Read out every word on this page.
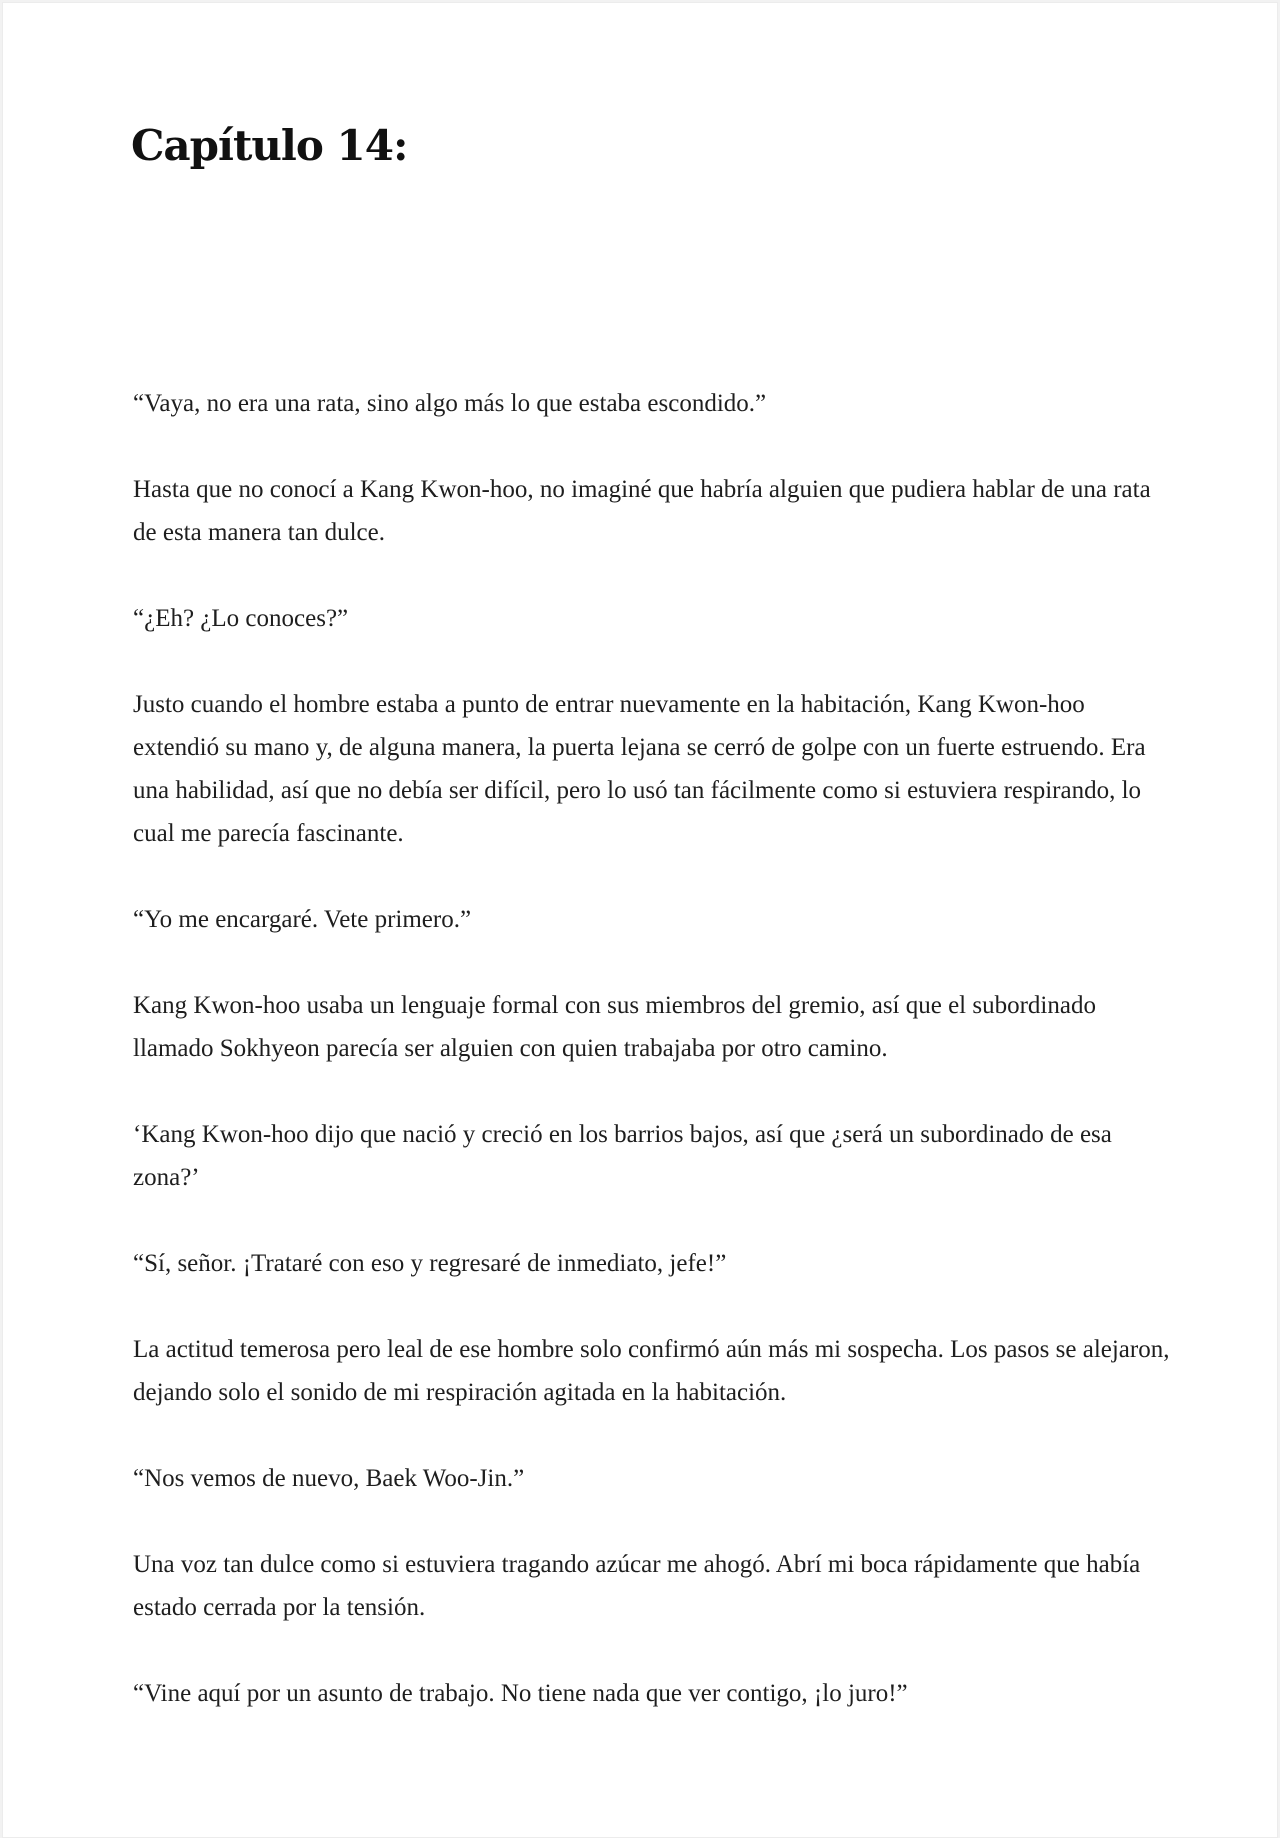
Capítulo 14:

“Vaya, no era una rata, sino algo más lo que estaba escondido.”

Hasta que no conocí a Kang Kwon-hoo, no imaginé que habría alguien que pudiera hablar de una rata de esta manera tan dulce.

“¿Eh? ¿Lo conoces?”

Justo cuando el hombre estaba a punto de entrar nuevamente en la habitación, Kang Kwon-hoo extendió su mano y, de alguna manera, la puerta lejana se cerró de golpe con un fuerte estruendo. Era una habilidad, así que no debía ser difícil, pero lo usó tan fácilmente como si estuviera respirando, lo cual me parecía fascinante.

“Yo me encargaré. Vete primero.”

Kang Kwon-hoo usaba un lenguaje formal con sus miembros del gremio, así que el subordinado llamado Sokhyeon parecía ser alguien con quien trabajaba por otro camino.

‘Kang Kwon-hoo dijo que nació y creció en los barrios bajos, así que ¿será un subordinado de esa zona?’

“Sí, señor. ¡Trataré con eso y regresaré de inmediato, jefe!”

La actitud temerosa pero leal de ese hombre solo confirmó aún más mi sospecha. Los pasos se alejaron, dejando solo el sonido de mi respiración agitada en la habitación.

“Nos vemos de nuevo, Baek Woo-Jin.”

Una voz tan dulce como si estuviera tragando azúcar me ahogó. Abrí mi boca rápidamente que había estado cerrada por la tensión.

“Vine aquí por un asunto de trabajo. No tiene nada que ver contigo, ¡lo juro!”
